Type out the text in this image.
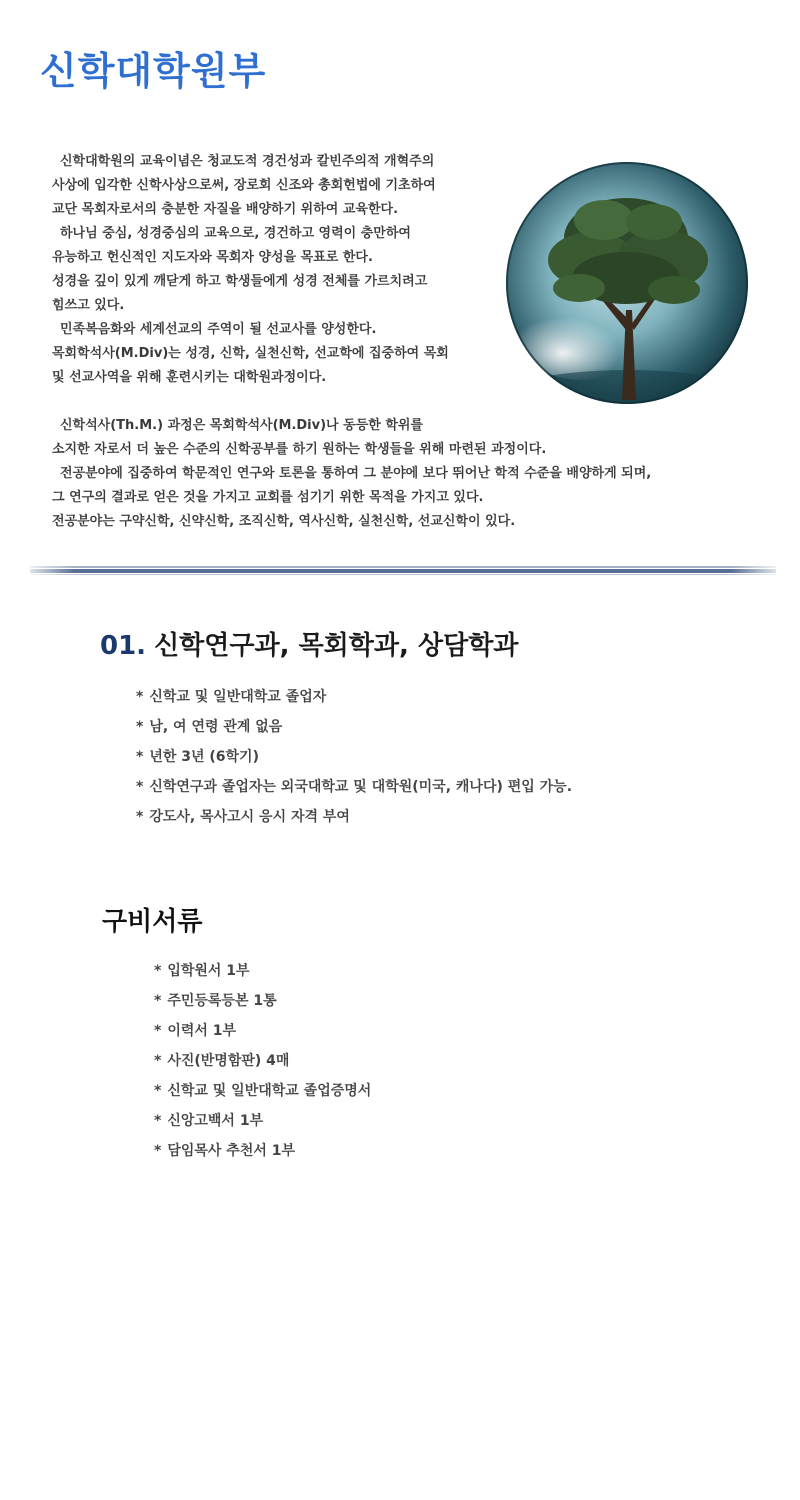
신학대학원부
신학대학원의 교육이념은 청교도적 경건성과 칼빈주의적 개혁주의
사상에 입각한 신학사상으로써, 장로회 신조와 총회헌법에 기초하여
교단 목회자로서의 충분한 자질을 배양하기 위하여 교육한다.
하나님 중심, 성경중심의 교육으로, 경건하고 영력이 충만하여
유능하고 헌신적인 지도자와 목회자 양성을 목표로 한다.
성경을 깊이 있게 깨닫게 하고 학생들에게 성경 전체를 가르치려고
힘쓰고 있다.
민족복음화와 세계선교의 주역이 될 선교사를 양성한다.
목회학석사(M.Div)는 성경, 신학, 실천신학, 선교학에 집중하여 목회
및 선교사역을 위해 훈련시키는 대학원과정이다.
신학석사(Th.M.) 과정은 목회학석사(M.Div)나 동등한 학위를
소지한 자로서 더 높은 수준의 신학공부를 하기 원하는 학생들을 위해 마련된 과정이다.
전공분야에 집중하여 학문적인 연구와 토론을 통하여 그 분야에 보다 뛰어난 학적 수준을 배양하게 되며,
그 연구의 결과로 얻은 것을 가지고 교회를 섬기기 위한 목적을 가지고 있다.
전공분야는 구약신학, 신약신학, 조직신학, 역사신학, 실천신학, 선교신학이 있다.
01. 신학연구과, 목회학과, 상담학과
* 신학교 및 일반대학교 졸업자
* 남, 여 연령 관계 없음
* 년한 3년 (6학기)
* 신학연구과 졸업자는 외국대학교 및 대학원(미국, 캐나다) 편입 가능.
* 강도사, 목사고시 응시 자격 부여
구비서류
* 입학원서 1부
* 주민등록등본 1통
* 이력서 1부
* 사진(반명함판) 4매
* 신학교 및 일반대학교 졸업증명서
* 신앙고백서 1부
* 담임목사 추천서 1부
